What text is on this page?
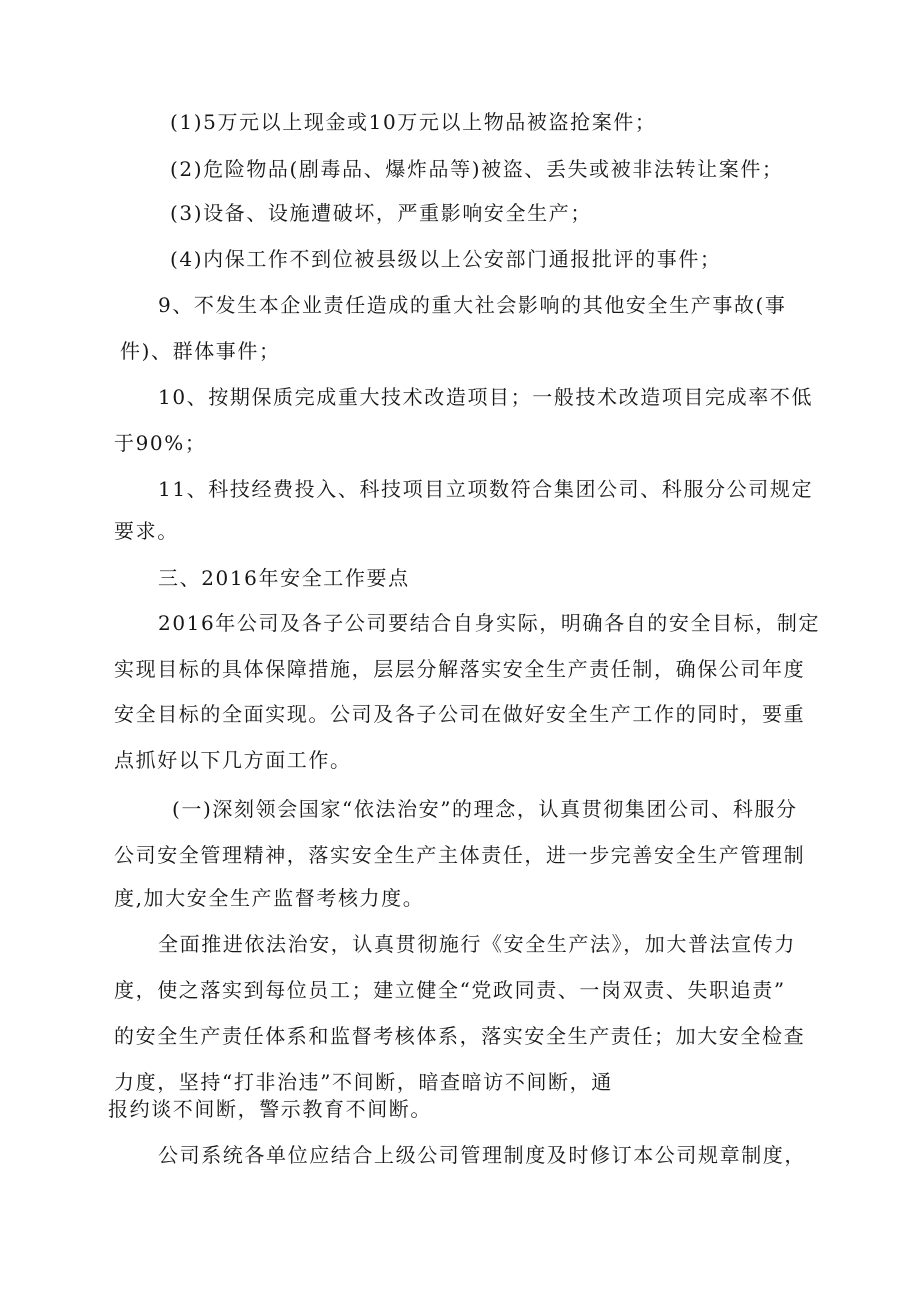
(1)5万元以上现金或10万元以上物品被盗抢案件；
(2)危险物品(剧毒品、爆炸品等)被盗、丢失或被非法转让案件；
(3)设备、设施遭破坏，严重影响安全生产；
(4)内保工作不到位被县级以上公安部门通报批评的事件；
9、不发生本企业责任造成的重大社会影响的其他安全生产事故(事
件)、群体事件；
10、按期保质完成重大技术改造项目；一般技术改造项目完成率不低
于90%；
11、科技经费投入、科技项目立项数符合集团公司、科服分公司规定
要求。
三、2016年安全工作要点
2016年公司及各子公司要结合自身实际，明确各自的安全目标，制定
实现目标的具体保障措施，层层分解落实安全生产责任制，确保公司年度
安全目标的全面实现。公司及各子公司在做好安全生产工作的同时，要重
点抓好以下几方面工作。
(一)深刻领会国家“依法治安”的理念，认真贯彻集团公司、科服分
公司安全管理精神，落实安全生产主体责任，进一步完善安全生产管理制
度,加大安全生产监督考核力度。
全面推进依法治安，认真贯彻施行《安全生产法》，加大普法宣传力
度，使之落实到每位员工；建立健全“党政同责、一岗双责、失职追责”
的安全生产责任体系和监督考核体系，落实安全生产责任；加大安全检查
力度，坚持“打非治违”不间断，暗查暗访不间断，通
报约谈不间断，警示教育不间断。
公司系统各单位应结合上级公司管理制度及时修订本公司规章制度，
